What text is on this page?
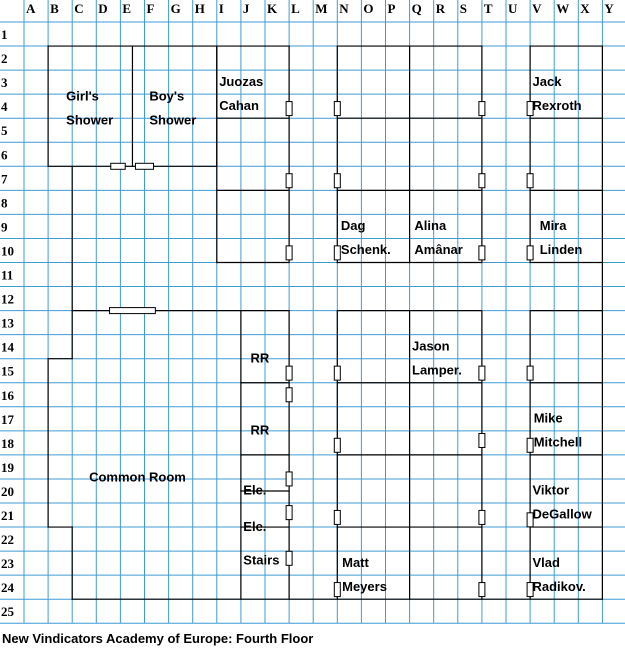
A B C D E F G H I J K L M N O P Q R S T U V W X Y
1
2
3
4
5
6
7
8
9
10
11
12
13
14
15
16
17
18
19
20
21
22
23
24
25
Girl's
Shower
Boy's
Shower
Juozas
Cahan
Jack
Rexroth
Dag
Schenk.
Alina
Amânar
Mira
Linden
Jason
Lamper.
RR
RR
Mike
Mitchell
Common Room
Ele.
Ele.
Viktor
DeGallow
Stairs	Matt
Meyers
Vlad
Radikov.
New Vindicators Academy of Europe: Fourth Floor
